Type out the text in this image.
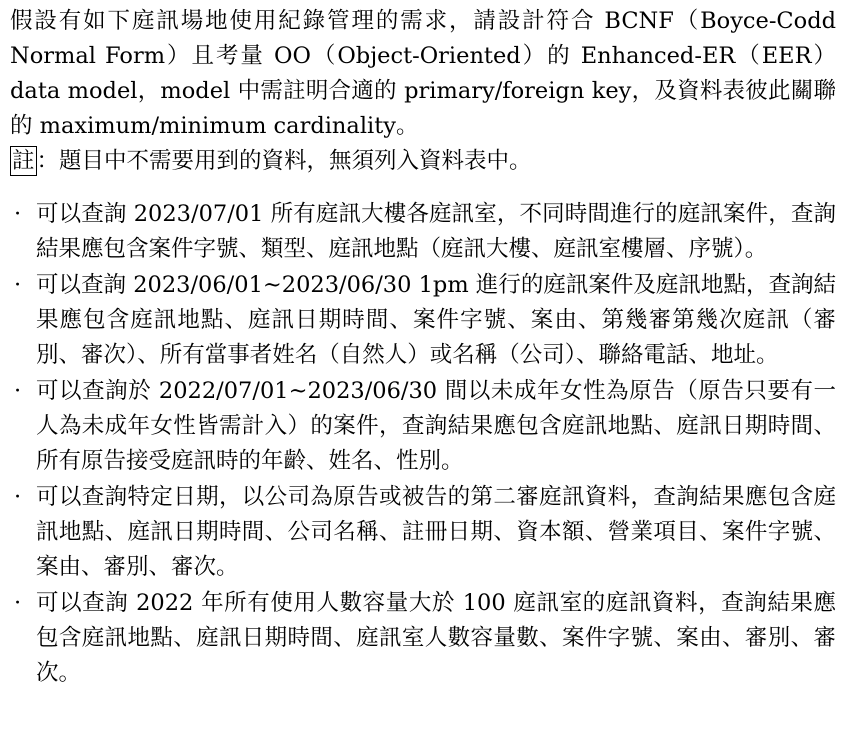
假設有如下庭訊場地使用紀錄管理的需求，請設計符合 BCNF（Boyce-Codd Normal Form）且考量 OO（Object-Oriented）的 Enhanced-ER（EER）data model，model 中需註明合適的 primary/foreign key，及資料表彼此關聯的 maximum/minimum cardinality。
註：題目中不需要用到的資料，無須列入資料表中。
· 可以查詢 2023/07/01 所有庭訊大樓各庭訊室，不同時間進行的庭訊案件，查詢結果應包含案件字號、類型、庭訊地點（庭訊大樓、庭訊室樓層、序號）。
· 可以查詢 2023/06/01~2023/06/30 1pm 進行的庭訊案件及庭訊地點，查詢結果應包含庭訊地點、庭訊日期時間、案件字號、案由、第幾審第幾次庭訊（審別、審次）、所有當事者姓名（自然人）或名稱（公司）、聯絡電話、地址。
· 可以查詢於 2022/07/01~2023/06/30 間以未成年女性為原告（原告只要有一人為未成年女性皆需計入）的案件，查詢結果應包含庭訊地點、庭訊日期時間、所有原告接受庭訊時的年齡、姓名、性別。
· 可以查詢特定日期，以公司為原告或被告的第二審庭訊資料，查詢結果應包含庭訊地點、庭訊日期時間、公司名稱、註冊日期、資本額、營業項目、案件字號、案由、審別、審次。
· 可以查詢 2022 年所有使用人數容量大於 100 庭訊室的庭訊資料，查詢結果應包含庭訊地點、庭訊日期時間、庭訊室人數容量數、案件字號、案由、審別、審次。
